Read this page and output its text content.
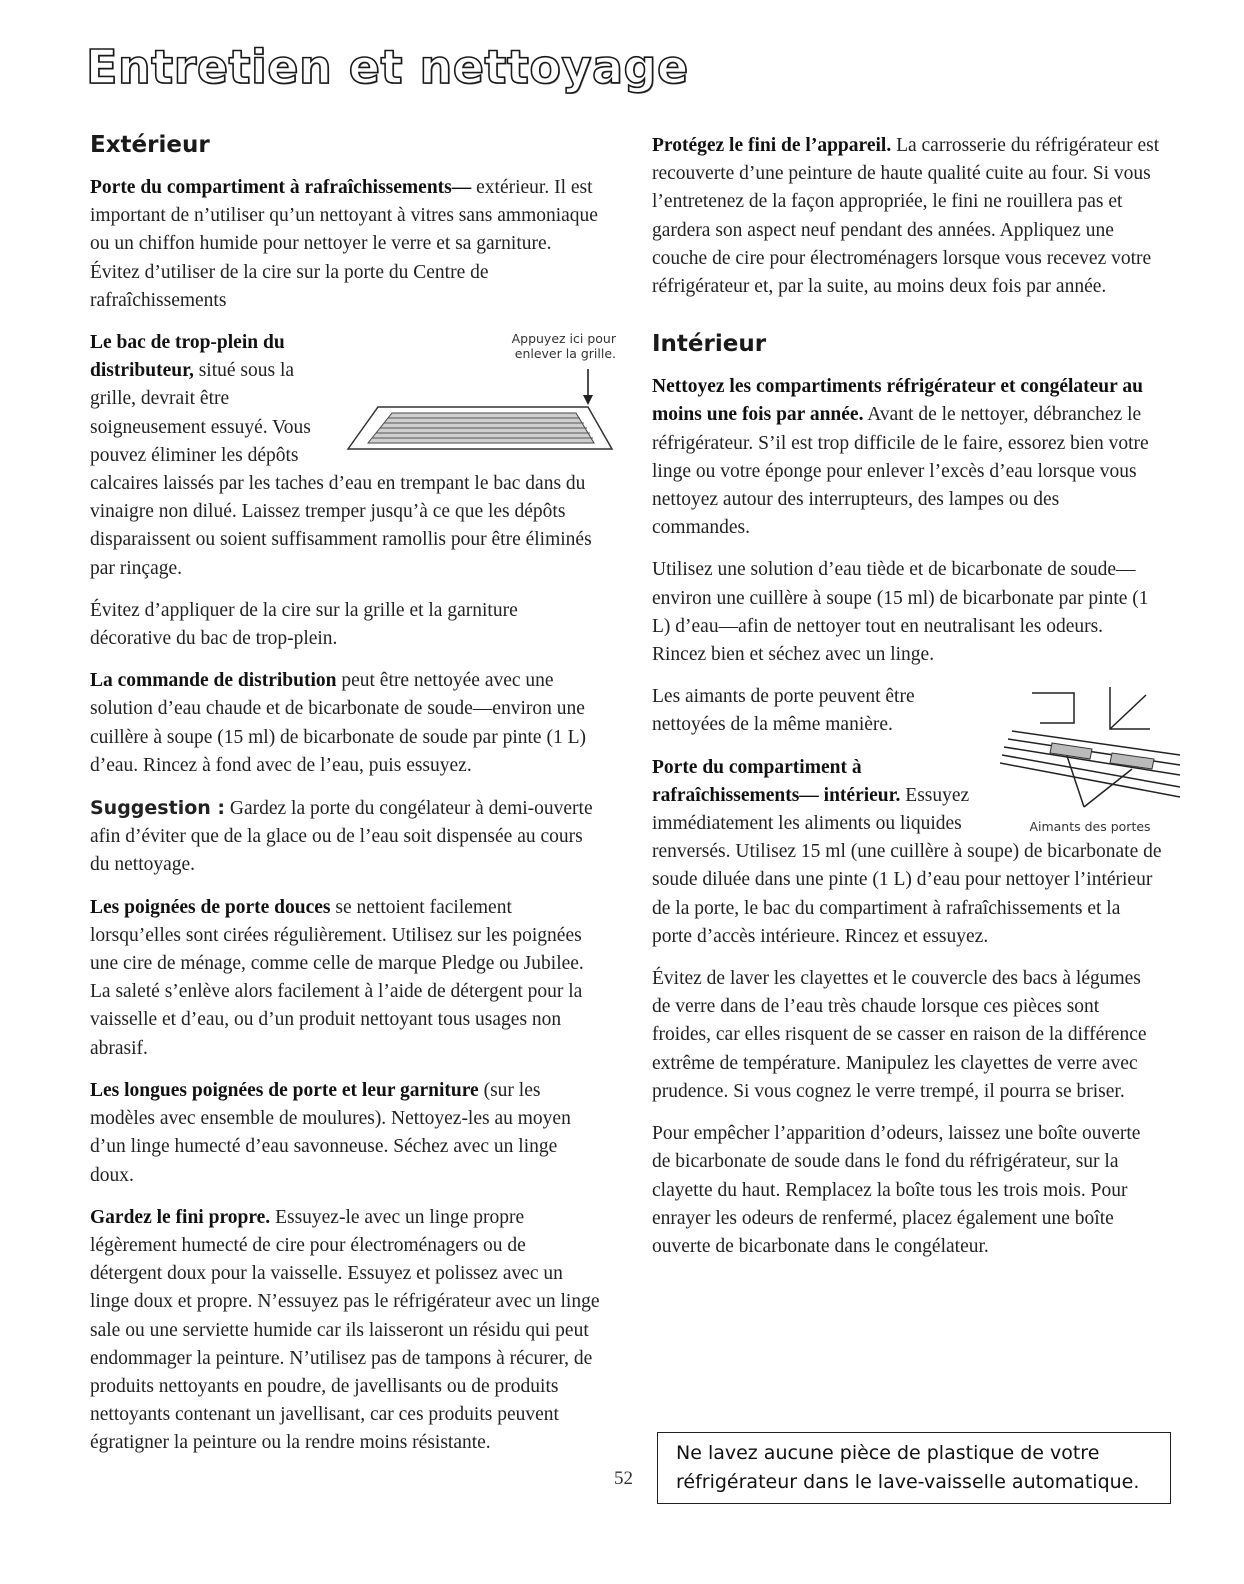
Entretien et nettoyage
Extérieur

Porte du compartiment à rafraîchissements— extérieur. Il est important de n’utiliser qu’un nettoyant à vitres sans ammoniaque ou un chiffon humide pour nettoyer le verre et sa garniture. Évitez d’utiliser de la cire sur la porte du Centre de rafraîchissements

Appuyez ici pour
enlever la grille.
Le bac de trop-plein du distributeur, situé sous la grille, devrait être soigneusement essuyé. Vous pouvez éliminer les dépôts calcaires laissés par les taches d’eau en trempant le bac dans du vinaigre non dilué. Laissez tremper jusqu’à ce que les dépôts disparaissent ou soient suffisamment ramollis pour être éliminés par rinçage.

Évitez d’appliquer de la cire sur la grille et la garniture décorative du bac de trop-plein.

La commande de distribution peut être nettoyée avec une solution d’eau chaude et de bicarbonate de soude—environ une cuillère à soupe (15 ml) de bicarbonate de soude par pinte (1 L) d’eau. Rincez à fond avec de l’eau, puis essuyez.

Suggestion : Gardez la porte du congélateur à demi-ouverte afin d’éviter que de la glace ou de l’eau soit dispensée au cours du nettoyage.

Les poignées de porte douces se nettoient facilement lorsqu’elles sont cirées régulièrement. Utilisez sur les poignées une cire de ménage, comme celle de marque Pledge ou Jubilee. La saleté s’enlève alors facilement à l’aide de détergent pour la vaisselle et d’eau, ou d’un produit nettoyant tous usages non abrasif.

Les longues poignées de porte et leur garniture (sur les modèles avec ensemble de moulures). Nettoyez-les au moyen d’un linge humecté d’eau savonneuse. Séchez avec un linge doux.

Gardez le fini propre. Essuyez-le avec un linge propre légèrement humecté de cire pour électroménagers ou de détergent doux pour la vaisselle. Essuyez et polissez avec un linge doux et propre. N’essuyez pas le réfrigérateur avec un linge sale ou une serviette humide car ils laisseront un résidu qui peut endommager la peinture. N’utilisez pas de tampons à récurer, de produits nettoyants en poudre, de javellisants ou de produits nettoyants contenant un javellisant, car ces produits peuvent égratigner la peinture ou la rendre moins résistante.

Protégez le fini de l’appareil. La carrosserie du réfrigérateur est recouverte d’une peinture de haute qualité cuite au four. Si vous l’entretenez de la façon appropriée, le fini ne rouillera pas et gardera son aspect neuf pendant des années. Appliquez une couche de cire pour électroménagers lorsque vous recevez votre réfrigérateur et, par la suite, au moins deux fois par année.

Intérieur

Nettoyez les compartiments réfrigérateur et congélateur au moins une fois par année. Avant de le nettoyer, débranchez le réfrigérateur. S’il est trop difficile de le faire, essorez bien votre linge ou votre éponge pour enlever l’excès d’eau lorsque vous nettoyez autour des interrupteurs, des lampes ou des commandes.

Utilisez une solution d’eau tiède et de bicarbonate de soude—environ une cuillère à soupe (15 ml) de bicarbonate par pinte (1 L) d’eau—afin de nettoyer tout en neutralisant les odeurs. Rincez bien et séchez avec un linge.

Aimants des portes

Les aimants de porte peuvent être nettoyées de la même manière.

Porte du compartiment à rafraîchissements— intérieur. Essuyez immédiatement les aliments ou liquides renversés. Utilisez 15 ml (une cuillère à soupe) de bicarbonate de soude diluée dans une pinte (1 L) d’eau pour nettoyer l’intérieur de la porte, le bac du compartiment à rafraîchissements et la porte d’accès intérieure. Rincez et essuyez.

Évitez de laver les clayettes et le couvercle des bacs à légumes de verre dans de l’eau très chaude lorsque ces pièces sont froides, car elles risquent de se casser en raison de la différence extrême de température. Manipulez les clayettes de verre avec prudence. Si vous cognez le verre trempé, il pourra se briser.

Pour empêcher l’apparition d’odeurs, laissez une boîte ouverte de bicarbonate de soude dans le fond du réfrigérateur, sur la clayette du haut. Remplacez la boîte tous les trois mois. Pour enrayer les odeurs de renfermé, placez également une boîte ouverte de bicarbonate dans le congélateur.

52
Ne lavez aucune pièce de plastique de votre réfrigérateur dans le lave-vaisselle automatique.
